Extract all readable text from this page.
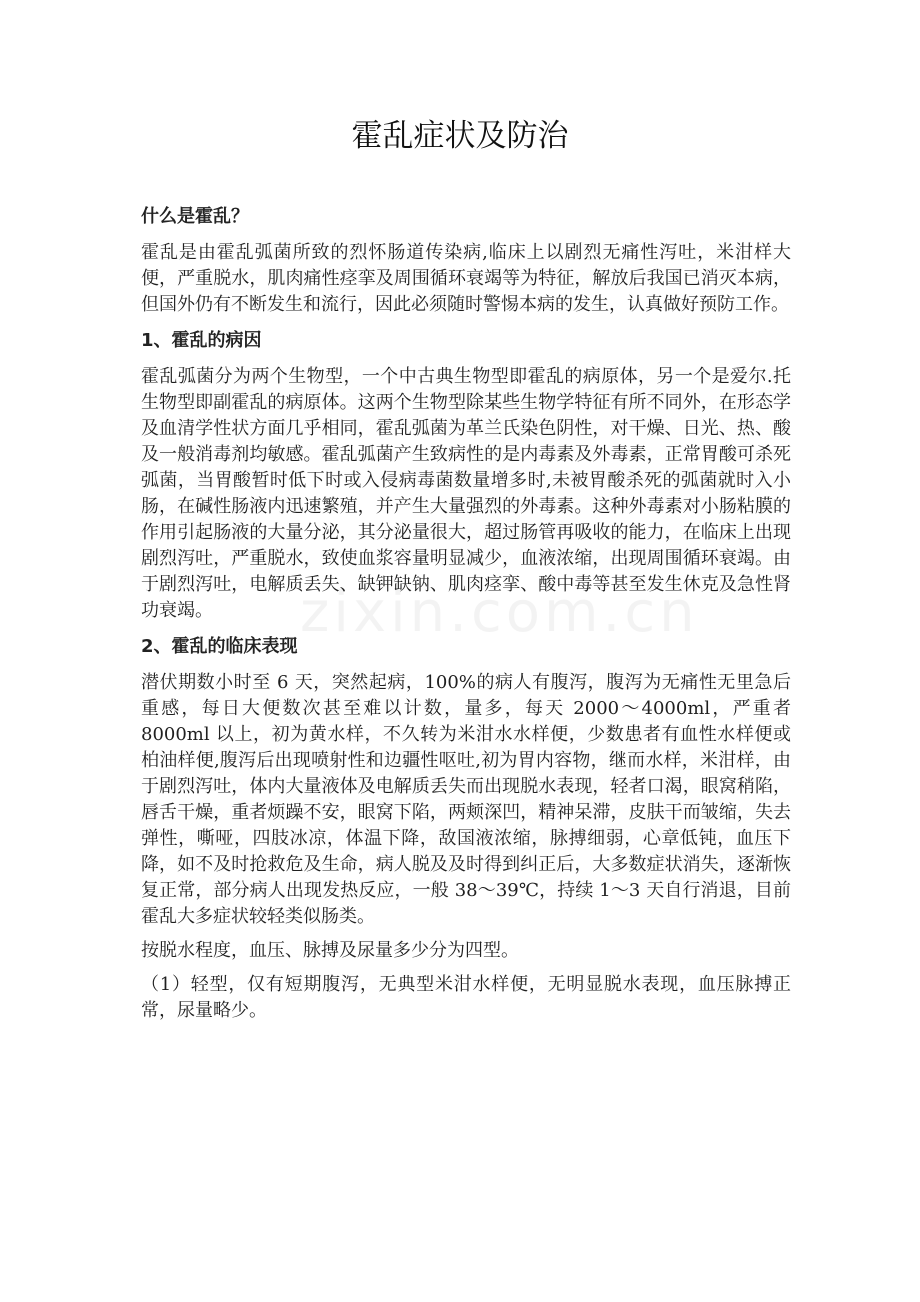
霍乱症状及防治
什么是霍乱？

霍乱是由霍乱弧菌所致的烈怀肠道传染病,临床上以剧烈无痛性泻吐，米泔样大便，严重脱水，肌肉痛性痉挛及周围循环衰竭等为特征，解放后我国已消灭本病，但国外仍有不断发生和流行，因此必须随时警惕本病的发生，认真做好预防工作。

1、霍乱的病因

霍乱弧菌分为两个生物型，一个中古典生物型即霍乱的病原体，另一个是爱尔.托生物型即副霍乱的病原体。这两个生物型除某些生物学特征有所不同外，在形态学及血清学性状方面几乎相同，霍乱弧菌为革兰氏染色阴性，对干燥、日光、热、酸及一般消毒剂均敏感。霍乱弧菌产生致病性的是内毒素及外毒素，正常胃酸可杀死弧菌，当胃酸暂时低下时或入侵病毒菌数量增多时,未被胃酸杀死的弧菌就时入小肠，在碱性肠液内迅速繁殖，并产生大量强烈的外毒素。这种外毒素对小肠粘膜的作用引起肠液的大量分泌，其分泌量很大，超过肠管再吸收的能力，在临床上出现剧烈泻吐，严重脱水，致使血浆容量明显减少，血液浓缩，出现周围循环衰竭。由于剧烈泻吐，电解质丢失、缺钾缺钠、肌肉痉挛、酸中毒等甚至发生休克及急性肾功衰竭。

2、霍乱的临床表现

潜伏期数小时至 6 天，突然起病，100%的病人有腹泻，腹泻为无痛性无里急后重感，每日大便数次甚至难以计数，量多，每天 2000～4000ml，严重者 8000ml 以上，初为黄水样，不久转为米泔水水样便，少数患者有血性水样便或柏油样便,腹泻后出现喷射性和边疆性呕吐,初为胃内容物，继而水样，米泔样，由于剧烈泻吐，体内大量液体及电解质丢失而出现脱水表现，轻者口渴，眼窝稍陷，唇舌干燥，重者烦躁不安，眼窝下陷，两颊深凹，精神呆滞，皮肤干而皱缩，失去弹性，嘶哑，四肢冰凉，体温下降，敌国液浓缩，脉搏细弱，心章低钝，血压下降，如不及时抢救危及生命，病人脱及及时得到纠正后，大多数症状消失，逐渐恢复正常，部分病人出现发热反应，一般 38～39℃，持续 1～3 天自行消退，目前霍乱大多症状较轻类似肠类。

按脱水程度，血压、脉搏及尿量多少分为四型。

（1）轻型，仅有短期腹泻，无典型米泔水样便，无明显脱水表现，血压脉搏正常，尿量略少。
